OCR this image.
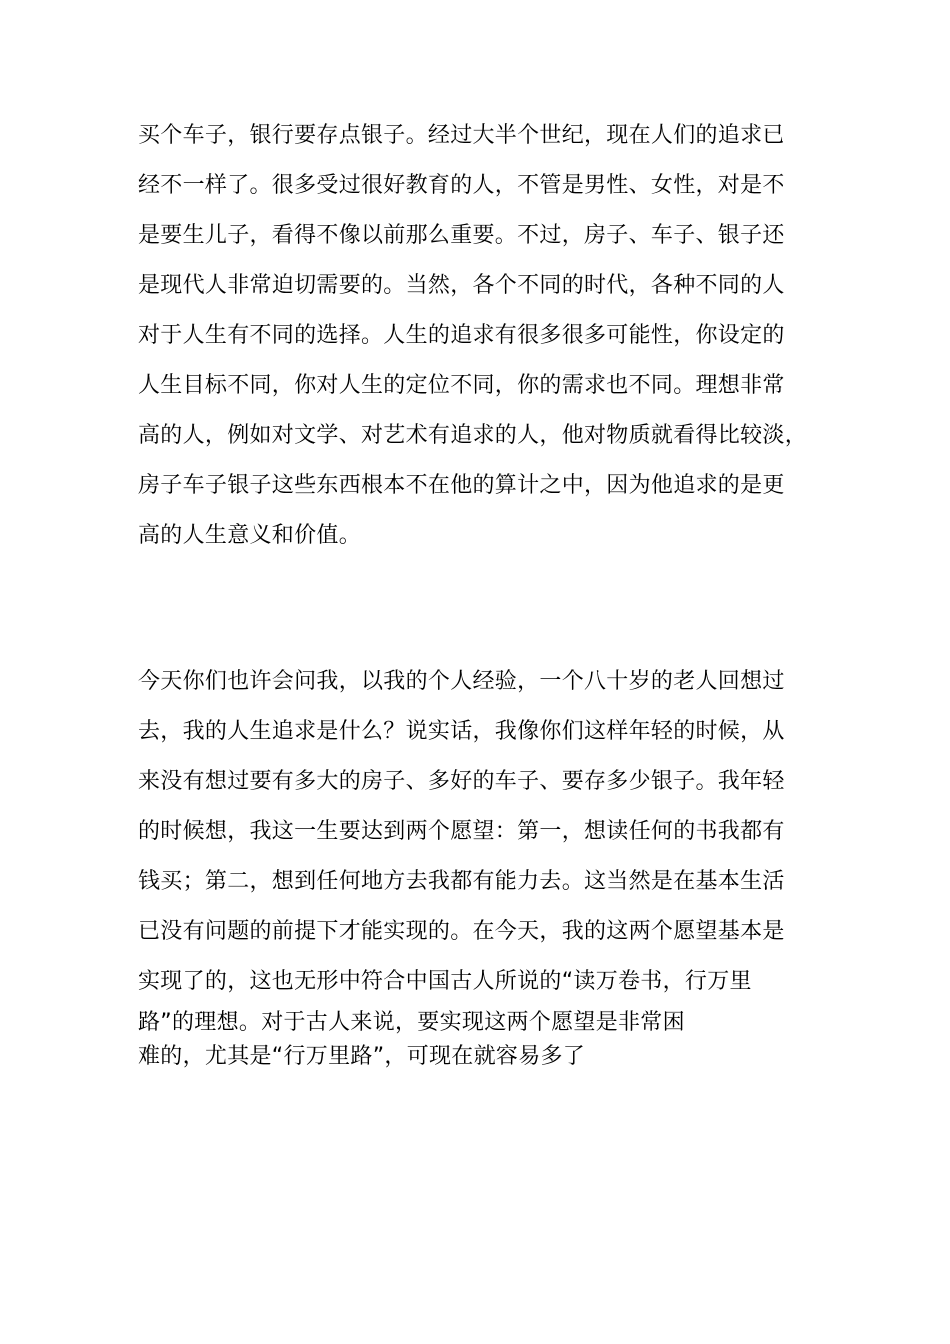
买个车子，银行要存点银子。经过大半个世纪，现在人们的追求已
经不一样了。很多受过很好教育的人，不管是男性、女性，对是不
是要生儿子，看得不像以前那么重要。不过，房子、车子、银子还
是现代人非常迫切需要的。当然，各个不同的时代，各种不同的人
对于人生有不同的选择。人生的追求有很多很多可能性，你设定的
人生目标不同，你对人生的定位不同，你的需求也不同。理想非常
高的人，例如对文学、对艺术有追求的人，他对物质就看得比较淡，
房子车子银子这些东西根本不在他的算计之中，因为他追求的是更
高的人生意义和价值。
今天你们也许会问我，以我的个人经验，一个八十岁的老人回想过
去，我的人生追求是什么？说实话，我像你们这样年轻的时候，从
来没有想过要有多大的房子、多好的车子、要存多少银子。我年轻
的时候想，我这一生要达到两个愿望：第一，想读任何的书我都有
钱买；第二，想到任何地方去我都有能力去。这当然是在基本生活
已没有问题的前提下才能实现的。在今天，我的这两个愿望基本是
实现了的，这也无形中符合中国古人所说的“读万卷书，行万里
路”的理想。对于古人来说，要实现这两个愿望是非常困
难的，尤其是“行万里路”，可现在就容易多了
